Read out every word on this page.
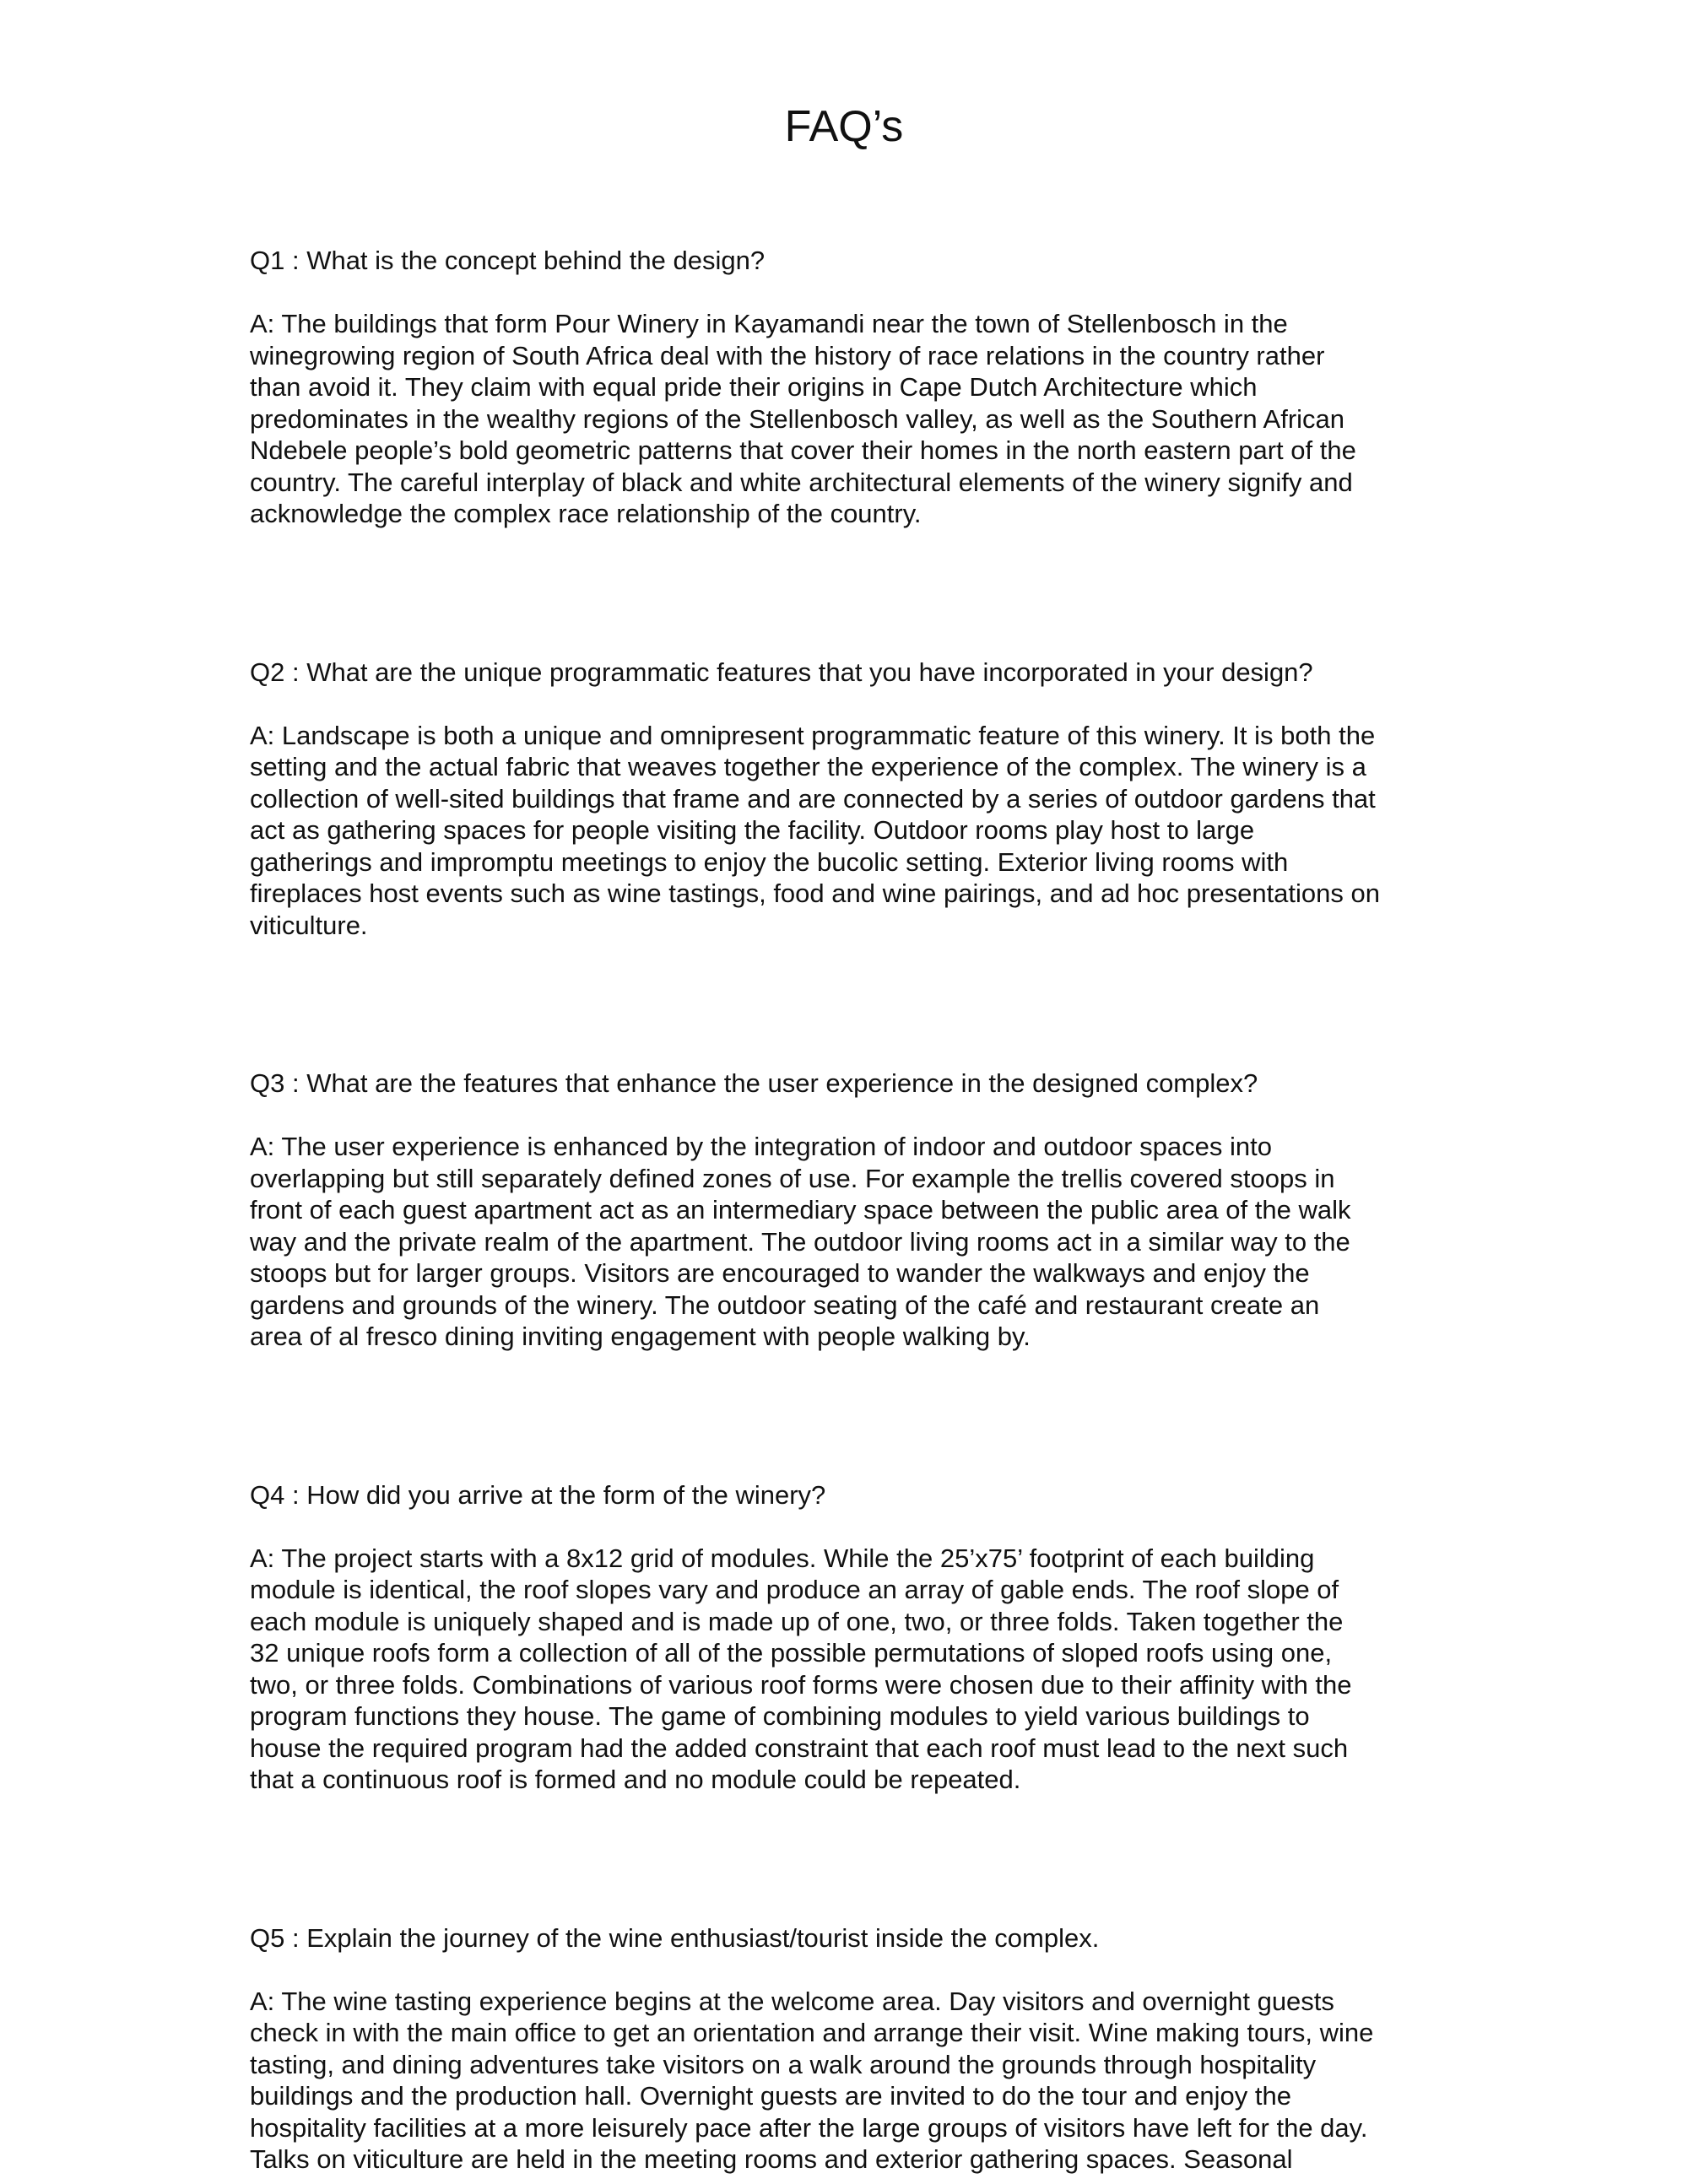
FAQ’s

Q1 : What is the concept behind the design?

A: The buildings that form Pour Winery in Kayamandi near the town of Stellenbosch in the
winegrowing region of South Africa deal with the history of race relations in the country rather
than avoid it. They claim with equal pride their origins in Cape Dutch Architecture which
predominates in the wealthy regions of the Stellenbosch valley, as well as the Southern African
Ndebele people’s bold geometric patterns that cover their homes in the north eastern part of the
country. The careful interplay of black and white architectural elements of the winery signify and
acknowledge the complex race relationship of the country.

Q2 : What are the unique programmatic features that you have incorporated in your design?

A: Landscape is both a unique and omnipresent programmatic feature of this winery. It is both the
setting and the actual fabric that weaves together the experience of the complex. The winery is a
collection of well-sited buildings that frame and are connected by a series of outdoor gardens that
act as gathering spaces for people visiting the facility. Outdoor rooms play host to large
gatherings and impromptu meetings to enjoy the bucolic setting. Exterior living rooms with
fireplaces host events such as wine tastings, food and wine pairings, and ad hoc presentations on
viticulture.

Q3 : What are the features that enhance the user experience in the designed complex?

A: The user experience is enhanced by the integration of indoor and outdoor spaces into
overlapping but still separately defined zones of use. For example the trellis covered stoops in
front of each guest apartment act as an intermediary space between the public area of the walk
way and the private realm of the apartment. The outdoor living rooms act in a similar way to the
stoops but for larger groups. Visitors are encouraged to wander the walkways and enjoy the
gardens and grounds of the winery. The outdoor seating of the café and restaurant create an
area of al fresco dining inviting engagement with people walking by.

Q4 : How did you arrive at the form of the winery?

A: The project starts with a 8x12 grid of modules. While the 25’x75’ footprint of each building
module is identical, the roof slopes vary and produce an array of gable ends. The roof slope of
each module is uniquely shaped and is made up of one, two, or three folds. Taken together the
32 unique roofs form a collection of all of the possible permutations of sloped roofs using one,
two, or three folds. Combinations of various roof forms were chosen due to their affinity with the
program functions they house. The game of combining modules to yield various buildings to
house the required program had the added constraint that each roof must lead to the next such
that a continuous roof is formed and no module could be repeated.

Q5 : Explain the journey of the wine enthusiast/tourist inside the complex.

A: The wine tasting experience begins at the welcome area. Day visitors and overnight guests
check in with the main office to get an orientation and arrange their visit. Wine making tours, wine
tasting, and dining adventures take visitors on a walk around the grounds through hospitality
buildings and the production hall. Overnight guests are invited to do the tour and enjoy the
hospitality facilities at a more leisurely pace after the large groups of visitors have left for the day.
Talks on viticulture are held in the meeting rooms and exterior gathering spaces. Seasonal
